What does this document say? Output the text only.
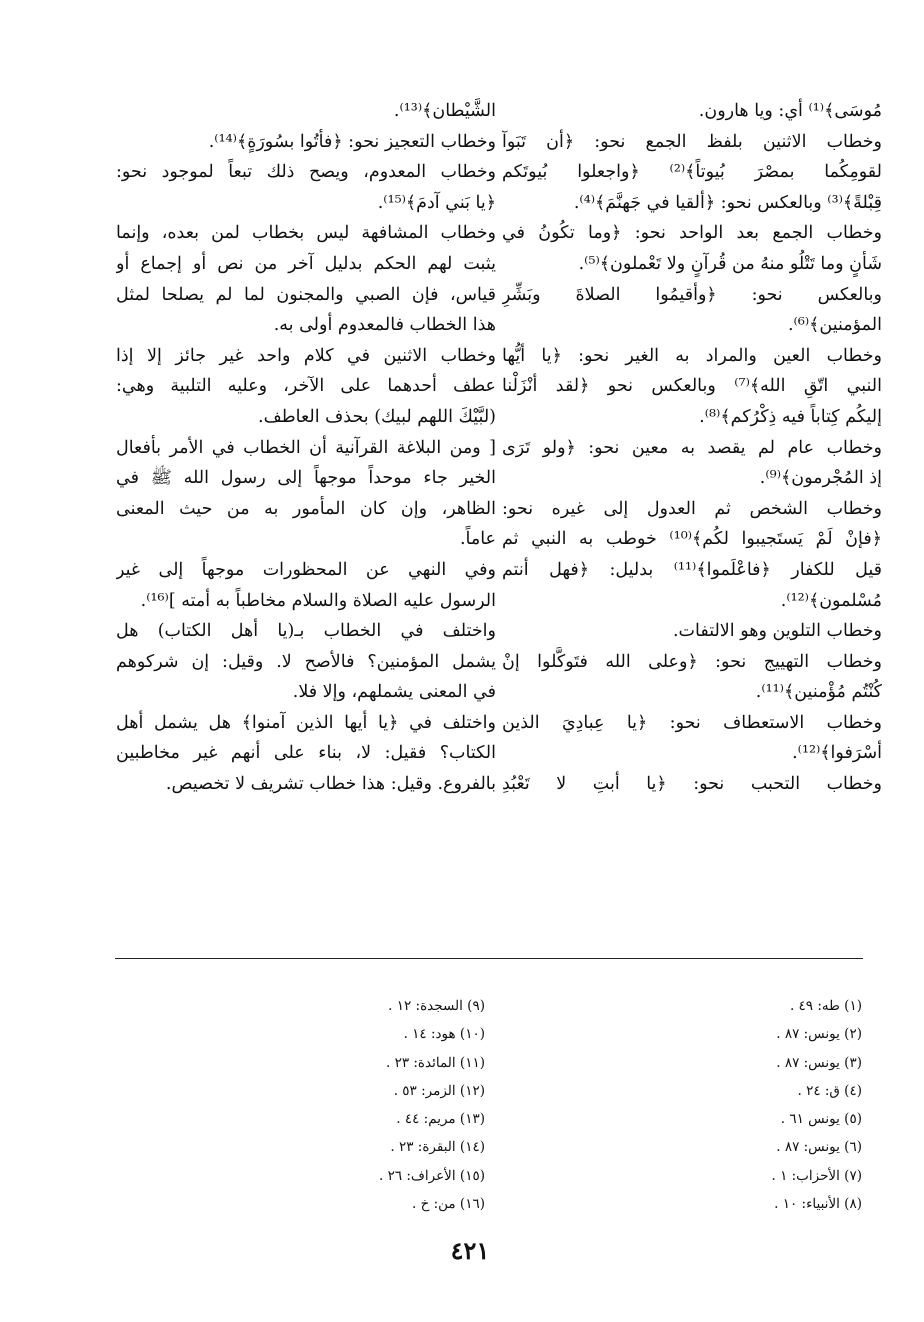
مُوسَى﴾⁽¹⁾ أي: ويا هارون.
وخطاب الاثنين بلفظ الجمع نحو: ﴿أن تَبَوآ
لقومِكُما بمصْرَ بُيوتاً﴾⁽²⁾ ﴿واجعلوا بُيوتَكم
قِبْلةً﴾⁽³⁾ وبالعكس نحو: ﴿ألقيا في جَهنَّمَ﴾⁽⁴⁾.
وخطاب الجمع بعد الواحد نحو: ﴿وما تكُونُ في
شَأنٍ وما تَتْلُو منهُ من قُرآنٍ ولا تَعْملون﴾⁽⁵⁾.
وبالعكس نحو: ﴿وأقيمُوا الصلاةَ وبَشِّرِ
المؤمنين﴾⁽⁶⁾.
وخطاب العين والمراد به الغير نحو: ﴿يا أيُّها
النبي اتّقِ الله﴾⁽⁷⁾ وبالعكس نحو ﴿لقد أنْزَلْنا
إليكُم كِتاباً فيه ذِكْرُكم﴾⁽⁸⁾.
وخطاب عام لم يقصد به معين نحو: ﴿ولو تَرَى
إذ المُجْرمون﴾⁽⁹⁾.
وخطاب الشخص ثم العدول إلى غيره نحو:
﴿فإنْ لَمْ يَستَجيبوا لكُم﴾⁽¹⁰⁾ خوطب به النبي ثم
قيل للكفار ﴿فاعْلَموا﴾⁽¹¹⁾ بدليل: ﴿فهل أنتم
مُسْلمون﴾⁽¹²⁾.
وخطاب التلوين وهو الالتفات.
وخطاب التهييج نحو: ﴿وعلى الله فتَوكَّلوا إنْ
كُنْتُم مُؤْمنين﴾⁽¹¹⁾.
وخطاب الاستعطاف نحو: ﴿يا عِبادِيَ الذين
أسْرَفوا﴾⁽¹²⁾.
وخطاب التحبب نحو: ﴿يا أبتِ لا تَعْبُدِ
الشَّيْطان﴾⁽¹³⁾.
وخطاب التعجيز نحو: ﴿فأتُوا بسُورَةٍ﴾⁽¹⁴⁾.
وخطاب المعدوم، ويصح ذلك تبعاً لموجود نحو:
﴿يا بَني آدمَ﴾⁽¹⁵⁾.
وخطاب المشافهة ليس بخطاب لمن بعده، وإنما
يثبت لهم الحكم بدليل آخر من نص أو إجماع أو
قياس، فإن الصبي والمجنون لما لم يصلحا لمثل
هذا الخطاب فالمعدوم أولى به.
وخطاب الاثنين في كلام واحد غير جائز إلا إذا
عطف أحدهما على الآخر، وعليه التلبية وهي:
(لبَّيْكَ اللهم لبيك) بحذف العاطف.
[ ومن البلاغة القرآنية أن الخطاب في الأمر بأفعال
الخير جاء موحداً موجهاً إلى رسول الله ﷺ في
الظاهر، وإن كان المأمور به من حيث المعنى
عاماً.
وفي النهي عن المحظورات موجهاً إلى غير
الرسول عليه الصلاة والسلام مخاطباً به أمته ]⁽¹⁶⁾.
واختلف في الخطاب بـ(يا أهل الكتاب) هل
يشمل المؤمنين؟ فالأصح لا. وقيل: إن شركوهم
في المعنى يشملهم، وإلا فلا.
واختلف في ﴿يا أيها الذين آمنوا﴾ هل يشمل أهل
الكتاب؟ فقيل: لا، بناء على أنهم غير مخاطبين
بالفروع. وقيل: هذا خطاب تشريف لا تخصيص.
(١) طه: ٤٩ .
(٢) يونس: ٨٧ .
(٣) يونس: ٨٧ .
(٤) ق: ٢٤ .
(٥) يونس ٦١ .
(٦) يونس: ٨٧ .
(٧) الأحزاب: ١ .
(٨) الأنبياء: ١٠ .
(٩) السجدة: ١٢ .
(١٠) هود: ١٤ .
(١١) المائدة: ٢٣ .
(١٢) الزمر: ٥٣ .
(١٣) مريم: ٤٤ .
(١٤) البقرة: ٢٣ .
(١٥) الأعراف: ٢٦ .
(١٦) من: خ .
٤٢١
